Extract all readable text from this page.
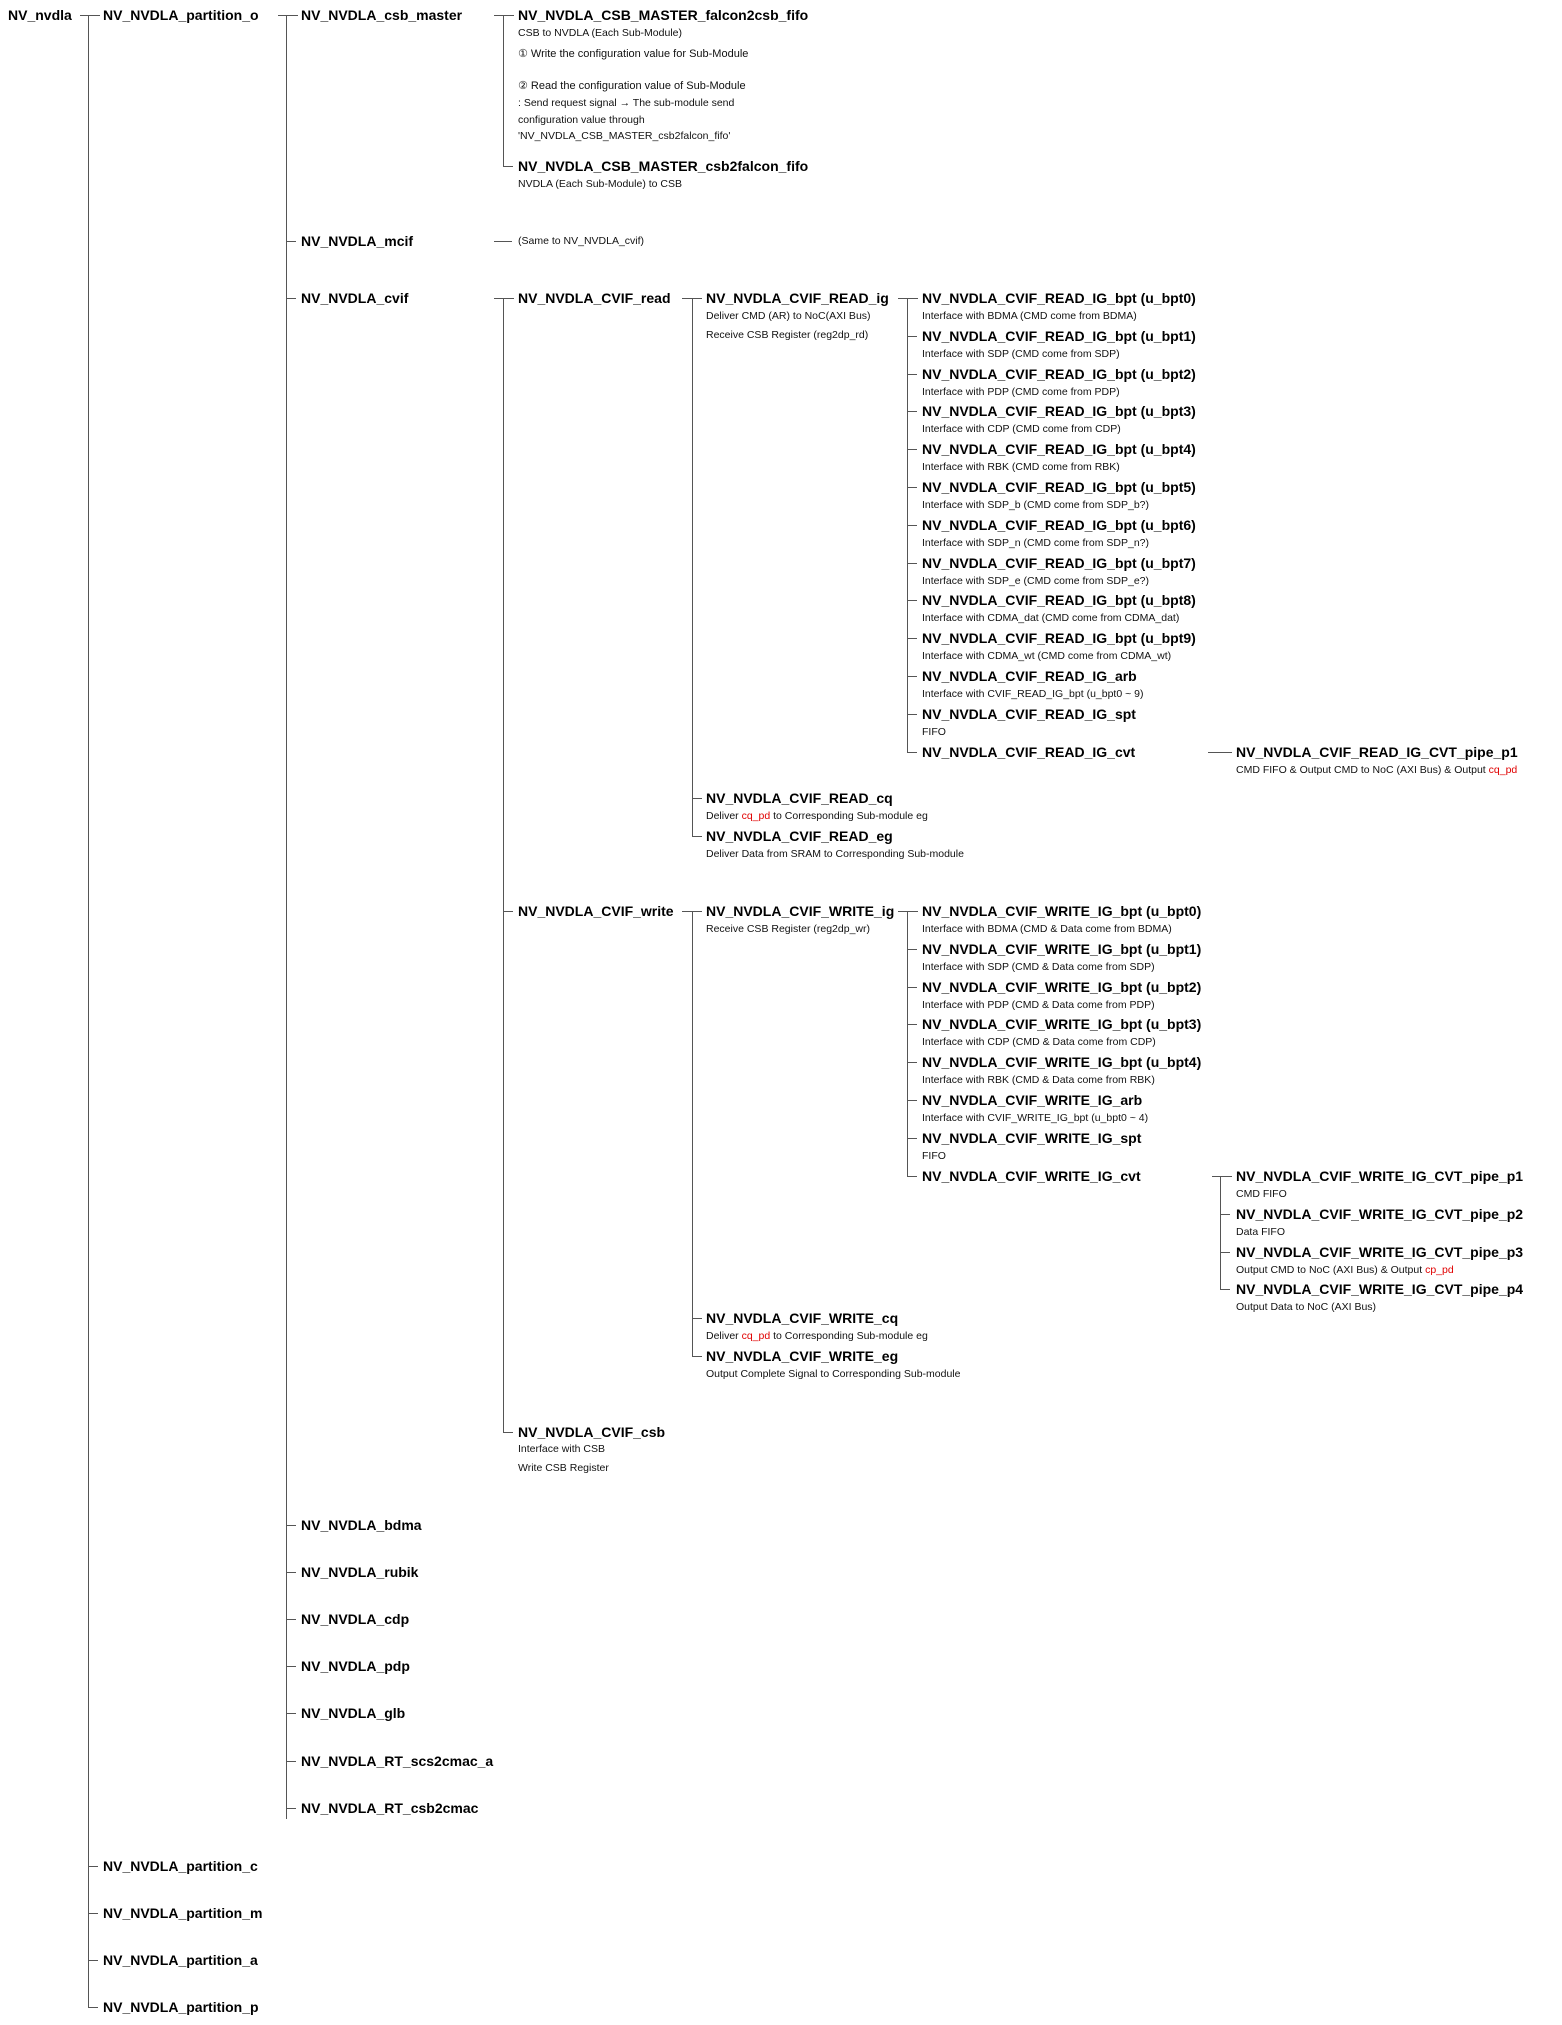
NV_nvdla NV_NVDLA_partition_o
NV_NVDLA_partition_c
NV_NVDLA_partition_m
NV_NVDLA_partition_a
NV_NVDLA_partition_p
NV_NVDLA_csb_master
NV_NVDLA_mcif
NV_NVDLA_cvif
NV_NVDLA_bdma
NV_NVDLA_rubik
NV_NVDLA_cdp
NV_NVDLA_pdp
NV_NVDLA_glb
NV_NVDLA_RT_scs2cmac_a
NV_NVDLA_RT_csb2cmac
NV_NVDLA_CSB_MASTER_falcon2csb_fifo
CSB to NVDLA (Each Sub-Module)
① Write the configuration value for Sub-Module
② Read the configuration value of Sub-Module
: Send request signal → The sub-module send
configuration value through
'NV_NVDLA_CSB_MASTER_csb2falcon_fifo'
NV_NVDLA_CSB_MASTER_csb2falcon_fifo
NVDLA (Each Sub-Module) to CSB
(Same to NV_NVDLA_cvif)
NV_NVDLA_CVIF_read
NV_NVDLA_CVIF_write
NV_NVDLA_CVIF_csb
Interface with CSB
Write CSB Register
NV_NVDLA_CVIF_READ_ig
Deliver CMD (AR) to NoC(AXI Bus)
Receive CSB Register (reg2dp_rd)
NV_NVDLA_CVIF_READ_cq
Deliver cq_pd to Corresponding Sub-module eg
NV_NVDLA_CVIF_READ_eg
Deliver Data from SRAM to Corresponding Sub-module
NV_NVDLA_CVIF_READ_IG_bpt (u_bpt0)
Interface with BDMA (CMD come from BDMA)
NV_NVDLA_CVIF_READ_IG_bpt (u_bpt1)
Interface with SDP (CMD come from SDP)
NV_NVDLA_CVIF_READ_IG_bpt (u_bpt2)
Interface with PDP (CMD come from PDP)
NV_NVDLA_CVIF_READ_IG_bpt (u_bpt3)
Interface with CDP (CMD come from CDP)
NV_NVDLA_CVIF_READ_IG_bpt (u_bpt4)
Interface with RBK (CMD come from RBK)
NV_NVDLA_CVIF_READ_IG_bpt (u_bpt5)
Interface with SDP_b (CMD come from SDP_b?)
NV_NVDLA_CVIF_READ_IG_bpt (u_bpt6)
Interface with SDP_n (CMD come from SDP_n?)
NV_NVDLA_CVIF_READ_IG_bpt (u_bpt7)
Interface with SDP_e (CMD come from SDP_e?)
NV_NVDLA_CVIF_READ_IG_bpt (u_bpt8)
Interface with CDMA_dat (CMD come from CDMA_dat)
NV_NVDLA_CVIF_READ_IG_bpt (u_bpt9)
Interface with CDMA_wt (CMD come from CDMA_wt)
NV_NVDLA_CVIF_READ_IG_arb
Interface with CVIF_READ_IG_bpt (u_bpt0 ~ 9)
NV_NVDLA_CVIF_READ_IG_spt
FIFO
NV_NVDLA_CVIF_READ_IG_cvt	NV_NVDLA_CVIF_READ_IG_CVT_pipe_p1
CMD FIFO & Output CMD to NoC (AXI Bus) & Output cq_pd
NV_NVDLA_CVIF_WRITE_ig
Receive CSB Register (reg2dp_wr)
NV_NVDLA_CVIF_WRITE_cq
Deliver cq_pd to Corresponding Sub-module eg
NV_NVDLA_CVIF_WRITE_eg
Output Complete Signal to Corresponding Sub-module
NV_NVDLA_CVIF_WRITE_IG_bpt (u_bpt0)
Interface with BDMA (CMD & Data come from BDMA)
NV_NVDLA_CVIF_WRITE_IG_bpt (u_bpt1)
Interface with SDP (CMD & Data come from SDP)
NV_NVDLA_CVIF_WRITE_IG_bpt (u_bpt2)
Interface with PDP (CMD & Data come from PDP)
NV_NVDLA_CVIF_WRITE_IG_bpt (u_bpt3)
Interface with CDP (CMD & Data come from CDP)
NV_NVDLA_CVIF_WRITE_IG_bpt (u_bpt4)
Interface with RBK (CMD & Data come from RBK)
NV_NVDLA_CVIF_WRITE_IG_arb
Interface with CVIF_WRITE_IG_bpt (u_bpt0 ~ 4)
NV_NVDLA_CVIF_WRITE_IG_spt
FIFO
NV_NVDLA_CVIF_WRITE_IG_cvt	NV_NVDLA_CVIF_WRITE_IG_CVT_pipe_p1
CMD FIFO
NV_NVDLA_CVIF_WRITE_IG_CVT_pipe_p2
Data FIFO
NV_NVDLA_CVIF_WRITE_IG_CVT_pipe_p3
Output CMD to NoC (AXI Bus) & Output cp_pd
NV_NVDLA_CVIF_WRITE_IG_CVT_pipe_p4
Output Data to NoC (AXI Bus)
